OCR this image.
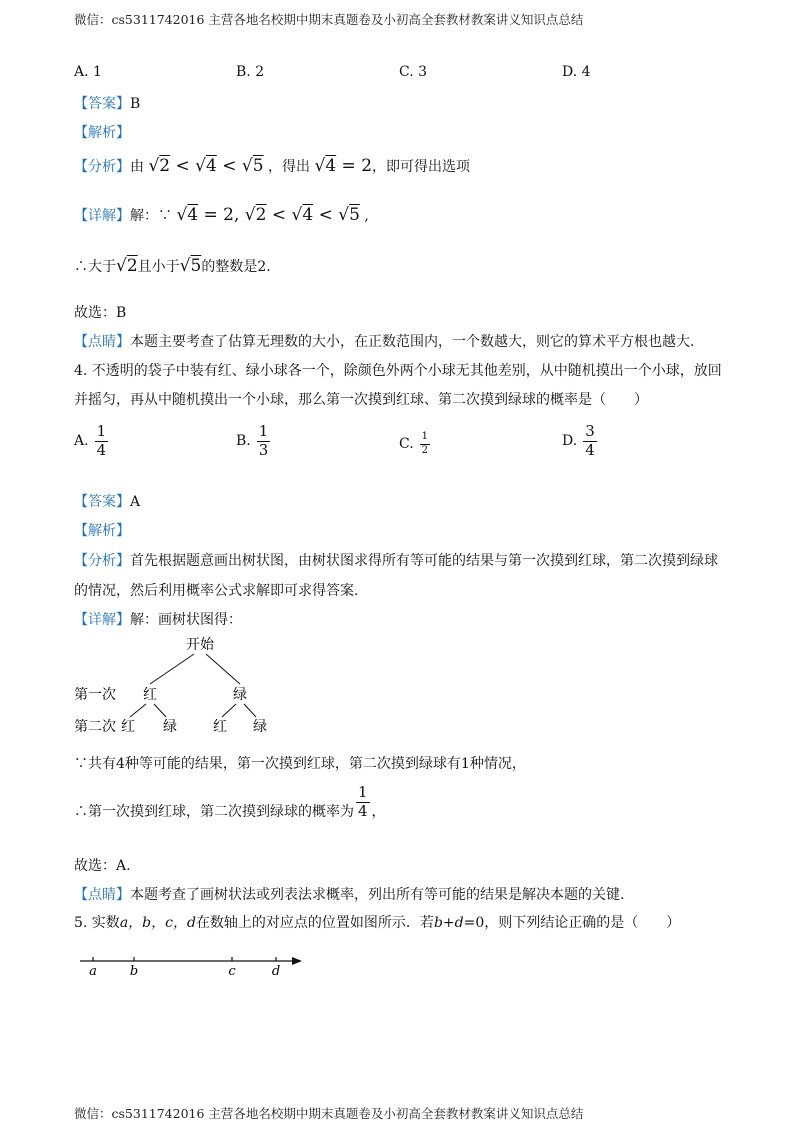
微信：cs5311742016 主营各地名校期中期末真题卷及小初高全套教材教案讲义知识点总结
A. 1	B. 2	C. 3	D. 4
【答案】B
【解析】
【分析】由 √2 < √4 < √5 ，得出 √4 = 2，即可得出选项
【详解】解：∵ √4 = 2, √2 < √4 < √5 ,
∴大于√2且小于√5的整数是2.
故选：B
【点睛】本题主要考查了估算无理数的大小，在正数范围内，一个数越大，则它的算术平方根也越大.
4. 不透明的袋子中装有红、绿小球各一个，除颜色外两个小球无其他差别，从中随机摸出一个小球，放回
并摇匀，再从中随机摸出一个小球，那么第一次摸到红球、第二次摸到绿球的概率是（　　）
A. $\frac{1}{4}$	B. $\frac{1}{3}$	C. $\frac{1}{2}$	D. $\frac{3}{4}$
【答案】A
【解析】
【分析】首先根据题意画出树状图，由树状图求得所有等可能的结果与第一次摸到红球，第二次摸到绿球
的情况，然后利用概率公式求解即可求得答案.
【详解】解：画树状图得：
开始
第一次 红	绿
第二次 红 绿	红 绿
∵共有4种等可能的结果，第一次摸到红球，第二次摸到绿球有1种情况，
∴第一次摸到红球，第二次摸到绿球的概率为 $\frac{1}{4}$ ，
故选：A.
【点睛】本题考查了画树状法或列表法求概率，列出所有等可能的结果是解决本题的关键.
5. 实数a，b，c，d在数轴上的对应点的位置如图所示．若b+d=0，则下列结论正确的是（　　）
a	b	c	d
微信：cs5311742016 主营各地名校期中期末真题卷及小初高全套教材教案讲义知识点总结
